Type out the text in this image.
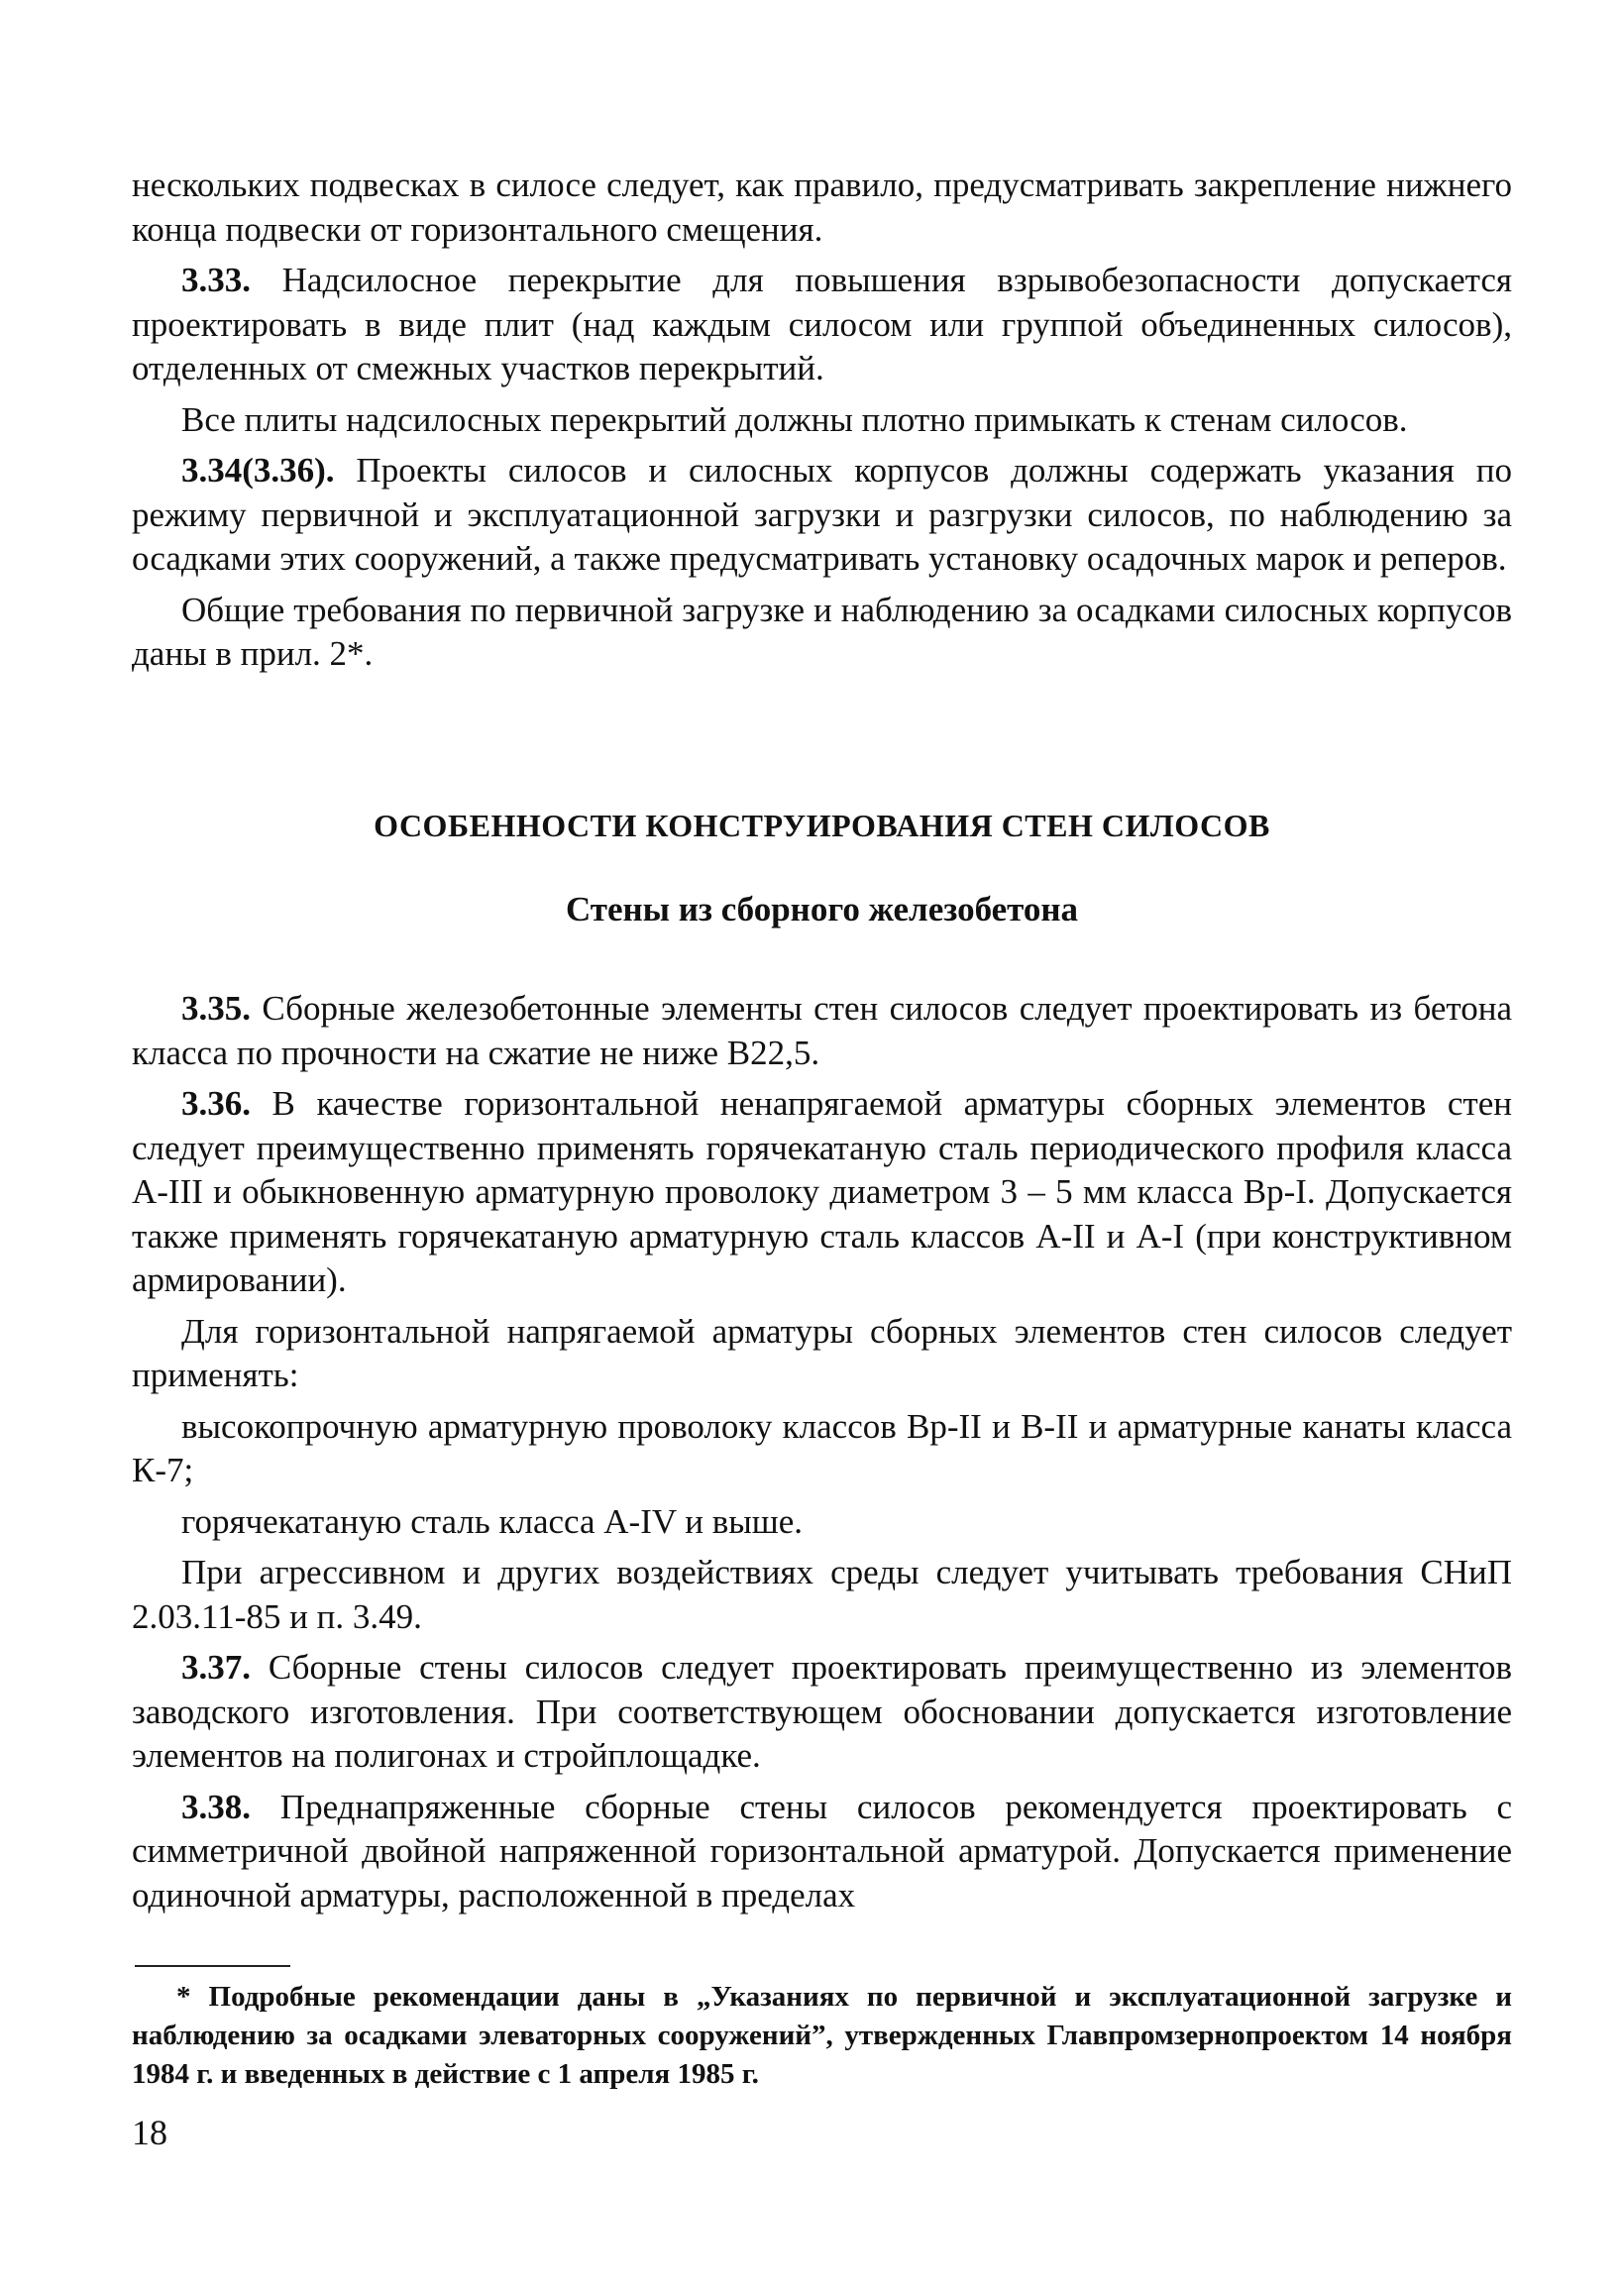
нескольких подвесках в силосе следует, как правило, предусматривать закрепление нижнего конца подвески от горизонтального смещения.

3.33. Надсилосное перекрытие для повышения взрывобезопасности допускается проектировать в виде плит (над каждым силосом или группой объединенных силосов), отделенных от смежных участков перекрытий.

Все плиты надсилосных перекрытий должны плотно примыкать к стенам силосов.

3.34(3.36). Проекты силосов и силосных корпусов должны содержать указания по режиму первичной и эксплуатационной загрузки и разгрузки силосов, по наблюдению за осадками этих сооружений, а также предусматривать установку осадочных марок и реперов.

Общие требования по первичной загрузке и наблюдению за осадками силосных корпусов даны в прил. 2*.

ОСОБЕННОСТИ КОНСТРУИРОВАНИЯ СТЕН СИЛОСОВ
Стены из сборного железобетона

3.35. Сборные железобетонные элементы стен силосов следует проектировать из бетона класса по прочности на сжатие не ниже В22,5.

3.36. В качестве горизонтальной ненапрягаемой арматуры сборных элементов стен следует преимущественно применять горячекатаную сталь периодического профиля класса А-III и обыкновенную арматурную проволоку диаметром 3 – 5 мм класса Вр-I. Допускается также применять горячекатаную арматурную сталь классов А-II и А-I (при конструктивном армировании).

Для горизонтальной напрягаемой арматуры сборных элементов стен силосов следует применять:

высокопрочную арматурную проволоку классов Вр-II и В-II и арматурные канаты класса К-7;

горячекатаную сталь класса А-IV и выше.

При агрессивном и других воздействиях среды следует учитывать требования СНиП 2.03.11-85 и п. 3.49.

3.37. Сборные стены силосов следует проектировать преимущественно из элементов заводского изготовления. При соответствующем обосновании допускается изготовление элементов на полигонах и стройплощадке.

3.38. Преднапряженные сборные стены силосов рекомендуется проектировать с симметричной двойной напряженной горизонтальной арматурой. Допускается применение одиночной арматуры, расположенной в пределах

* Подробные рекомендации даны в „Указаниях по первичной и эксплуатационной загрузке и наблюдению за осадками элеваторных сооружений”, утвержденных Главпромзернопроектом 14 ноября 1984 г. и введенных в действие с 1 апреля 1985 г.

18
